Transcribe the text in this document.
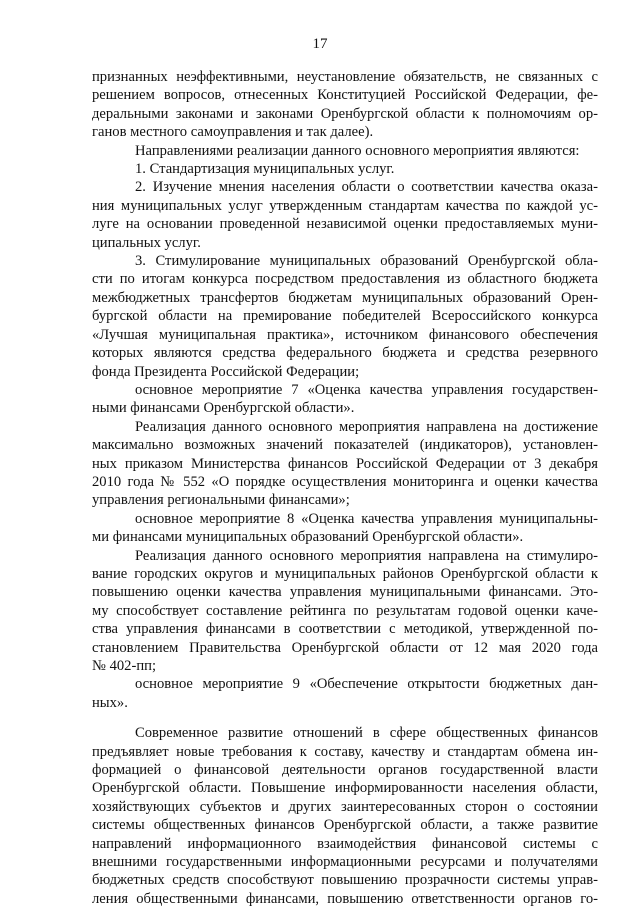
17
признанных неэффективными, неустановление обязательств, не связанных с
решением вопросов, отнесенных Конституцией Российской Федерации, фе-
деральными законами и законами Оренбургской области к полномочиям ор-
ганов местного самоуправления и так далее).
Направлениями реализации данного основного мероприятия являются:
1. Стандартизация муниципальных услуг.
2. Изучение мнения населения области о соответствии качества оказа-
ния муниципальных услуг утвержденным стандартам качества по каждой ус-
луге на основании проведенной независимой оценки предоставляемых муни-
ципальных услуг.
3. Стимулирование муниципальных образований Оренбургской обла-
сти по итогам конкурса посредством предоставления из областного бюджета
межбюджетных трансфертов бюджетам муниципальных образований Орен-
бургской области на премирование победителей Всероссийского конкурса
«Лучшая муниципальная практика», источником финансового обеспечения
которых являются средства федерального бюджета и средства резервного
фонда Президента Российской Федерации;
основное мероприятие 7 «Оценка качества управления государствен-
ными финансами Оренбургской области».
Реализация данного основного мероприятия направлена на достижение
максимально возможных значений показателей (индикаторов), установлен-
ных приказом Министерства финансов Российской Федерации от 3 декабря
2010 года № 552 «О порядке осуществления мониторинга и оценки качества
управления региональными финансами»;
основное мероприятие 8 «Оценка качества управления муниципальны-
ми финансами муниципальных образований Оренбургской области».
Реализация данного основного мероприятия направлена на стимулиро-
вание городских округов и муниципальных районов Оренбургской области к
повышению оценки качества управления муниципальными финансами. Это-
му способствует составление рейтинга по результатам годовой оценки каче-
ства управления финансами в соответствии с методикой, утвержденной по-
становлением Правительства Оренбургской области от 12 мая 2020 года
№ 402-пп;
основное мероприятие 9 «Обеспечение открытости бюджетных дан-
ных».
Современное развитие отношений в сфере общественных финансов
предъявляет новые требования к составу, качеству и стандартам обмена ин-
формацией о финансовой деятельности органов государственной власти
Оренбургской области. Повышение информированности населения области,
хозяйствующих субъектов и других заинтересованных сторон о состоянии
системы общественных финансов Оренбургской области, а также развитие
направлений информационного взаимодействия финансовой системы с
внешними государственными информационными ресурсами и получателями
бюджетных средств способствуют повышению прозрачности системы управ-
ления общественными финансами, повышению ответственности органов го-
